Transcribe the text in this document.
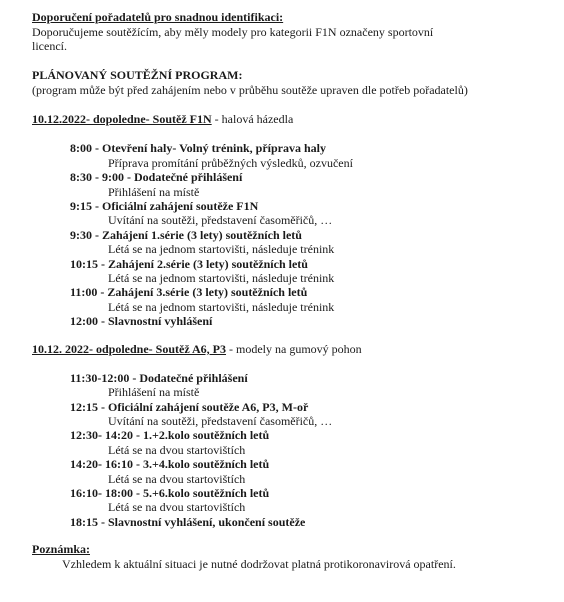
Doporučení pořadatelů pro snadnou identifikaci:
Doporučujeme soutěžícím, aby měly modely pro kategorii F1N označeny sportovní
licencí.
PLÁNOVANÝ SOUTĚŽNÍ PROGRAM:
(program může být před zahájením nebo v průběhu soutěže upraven dle potřeb pořadatelů)
10.12.2022- dopoledne- Soutěž F1N - halová házedla
8:00 - Otevření haly- Volný trénink, příprava haly
Příprava promítání průběžných výsledků, ozvučení
8:30 - 9:00 - Dodatečné přihlášení
Přihlášení na místě
9:15 - Oficiální zahájení soutěže F1N
Uvítání na soutěži, představení časoměřičů, …
9:30 - Zahájení 1.série (3 lety) soutěžních letů
Létá se na jednom startovišti, následuje trénink
10:15 - Zahájení 2.série (3 lety) soutěžních letů
Létá se na jednom startovišti, následuje trénink
11:00 - Zahájení 3.série (3 lety) soutěžních letů
Létá se na jednom startovišti, následuje trénink
12:00 - Slavnostní vyhlášení
10.12. 2022- odpoledne- Soutěž A6, P3 - modely na gumový pohon
11:30-12:00 - Dodatečné přihlášení
Přihlášení na místě
12:15 - Oficiální zahájení soutěže A6, P3, M-oř
Uvítání na soutěži, představení časoměřičů, …
12:30- 14:20 - 1.+2.kolo soutěžních letů
Létá se na dvou startovištích
14:20- 16:10 - 3.+4.kolo soutěžních letů
Létá se na dvou startovištích
16:10- 18:00 - 5.+6.kolo soutěžních letů
Létá se na dvou startovištích
18:15 - Slavnostní vyhlášení, ukončení soutěže
Poznámka:
Vzhledem k aktuální situaci je nutné dodržovat platná protikoronavirová opatření.
